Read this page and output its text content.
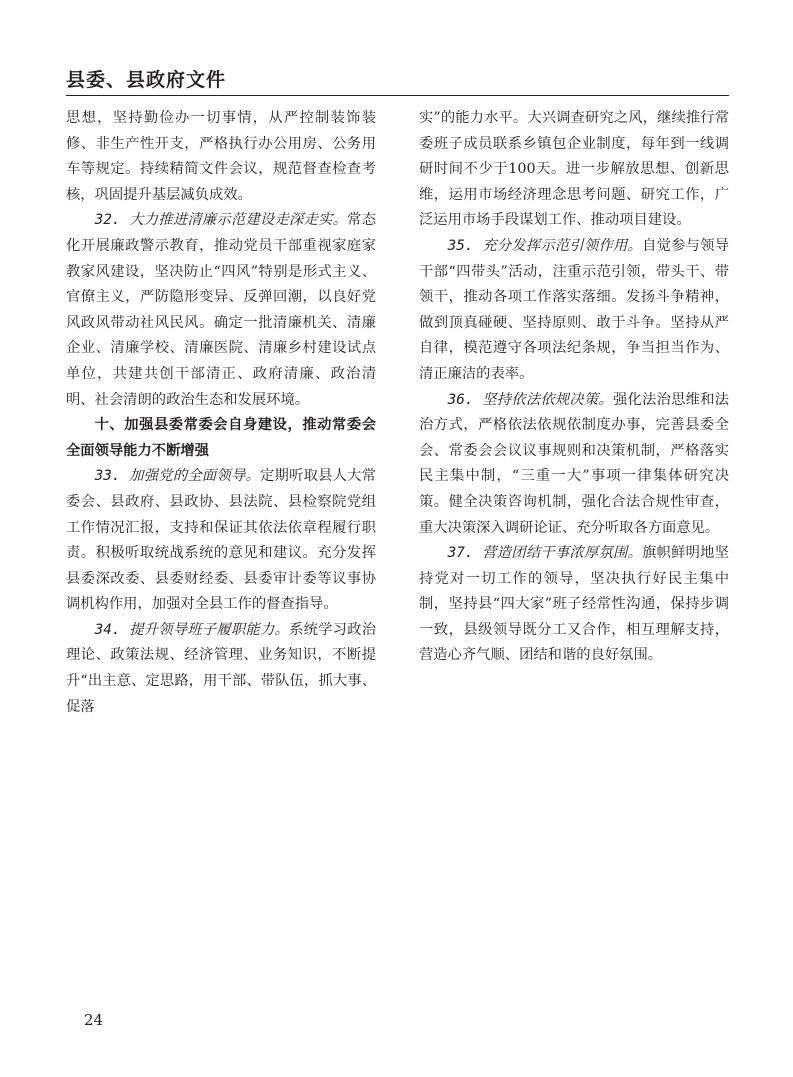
县委、县政府文件

思想，坚持勤俭办一切事情，从严控制装饰装修、非生产性开支，严格执行办公用房、公务用车等规定。持续精简文件会议，规范督查检查考核，巩固提升基层减负成效。

32. 大力推进清廉示范建设走深走实。常态化开展廉政警示教育，推动党员干部重视家庭家教家风建设，坚决防止“四风”特别是形式主义、官僚主义，严防隐形变异、反弹回潮，以良好党风政风带动社风民风。确定一批清廉机关、清廉企业、清廉学校、清廉医院、清廉乡村建设试点单位，共建共创干部清正、政府清廉、政治清明、社会清朗的政治生态和发展环境。

十、加强县委常委会自身建设，推动常委会全面领导能力不断增强

33. 加强党的全面领导。定期听取县人大常委会、县政府、县政协、县法院、县检察院党组工作情况汇报，支持和保证其依法依章程履行职责。积极听取统战系统的意见和建议。充分发挥县委深改委、县委财经委、县委审计委等议事协调机构作用，加强对全县工作的督查指导。

34. 提升领导班子履职能力。系统学习政治理论、政策法规、经济管理、业务知识，不断提升“出主意、定思路，用干部、带队伍，抓大事、促落

实”的能力水平。大兴调查研究之风，继续推行常委班子成员联系乡镇包企业制度，每年到一线调研时间不少于100天。进一步解放思想、创新思维，运用市场经济理念思考问题、研究工作，广泛运用市场手段谋划工作、推动项目建设。

35. 充分发挥示范引领作用。自觉参与领导干部“四带头”活动，注重示范引领，带头干、带领干，推动各项工作落实落细。发扬斗争精神，做到顶真碰硬、坚持原则、敢于斗争。坚持从严自律，模范遵守各项法纪条规，争当担当作为、清正廉洁的表率。

36. 坚持依法依规决策。强化法治思维和法治方式，严格依法依规依制度办事，完善县委全会、常委会会议议事规则和决策机制，严格落实民主集中制，“三重一大”事项一律集体研究决策。健全决策咨询机制，强化合法合规性审查，重大决策深入调研论证、充分听取各方面意见。

37. 营造团结干事浓厚氛围。旗帜鲜明地坚持党对一切工作的领导，坚决执行好民主集中制，坚持县“四大家”班子经常性沟通，保持步调一致，县级领导既分工又合作，相互理解支持，营造心齐气顺、团结和谐的良好氛围。

24
